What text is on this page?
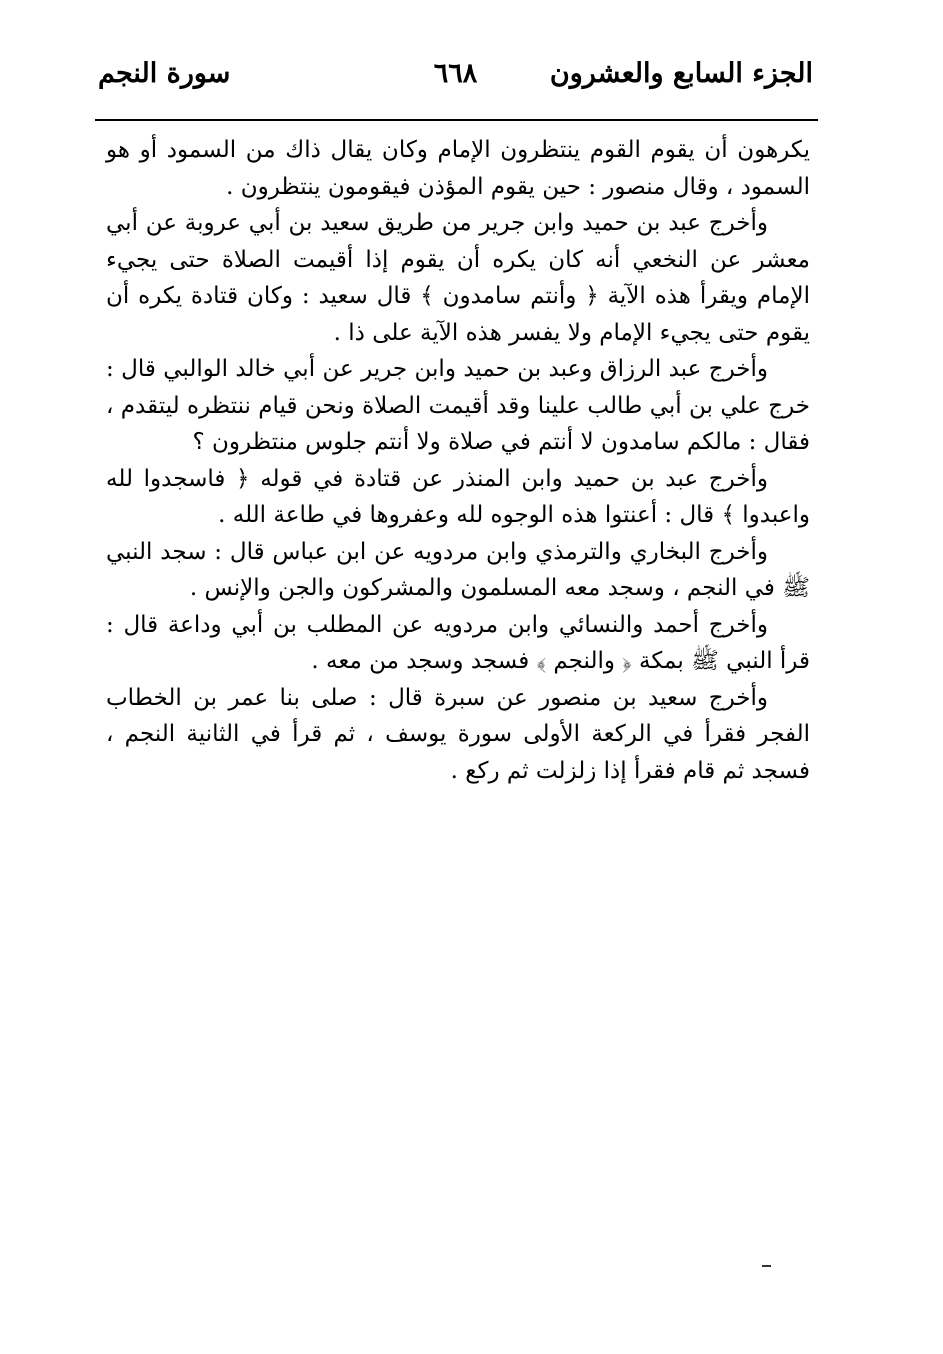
الجزء السابع والعشرون
٦٦٨
سورة النجم

يكرهون أن يقوم القوم ينتظرون الإمام وكان يقال ذاك من السمود أو هو السمود ، وقال منصور : حين يقوم المؤذن فيقومون ينتظرون .

وأخرج عبد بن حميد وابن جرير من طريق سعيد بن أبي عروبة عن أبي معشر عن النخعي أنه كان يكره أن يقوم إذا أقيمت الصلاة حتى يجيء الإمام ويقرأ هذه الآية ﴿ وأنتم سامدون ﴾ قال سعيد : وكان قتادة يكره أن يقوم حتى يجيء الإمام ولا يفسر هذه الآية على ذا .

وأخرج عبد الرزاق وعبد بن حميد وابن جرير عن أبي خالد الوالبي قال : خرج علي بن أبي طالب علينا وقد أقيمت الصلاة ونحن قيام ننتظره ليتقدم ، فقال : مالكم سامدون لا أنتم في صلاة ولا أنتم جلوس منتظرون ؟

وأخرج عبد بن حميد وابن المنذر عن قتادة في قوله ﴿ فاسجدوا لله واعبدوا ﴾ قال : أعنتوا هذه الوجوه لله وعفروها في طاعة الله .

وأخرج البخاري والترمذي وابن مردويه عن ابن عباس قال : سجد النبي ﷺ في النجم ، وسجد معه المسلمون والمشركون والجن والإنس .

وأخرج أحمد والنسائي وابن مردويه عن المطلب بن أبي وداعة قال : قرأ النبي ﷺ بمكة ﴿ والنجم ﴾ فسجد وسجد من معه .

وأخرج سعيد بن منصور عن سبرة قال : صلى بنا عمر بن الخطاب الفجر فقرأ في الركعة الأولى سورة يوسف ، ثم قرأ في الثانية النجم ، فسجد ثم قام فقرأ إذا زلزلت ثم ركع .
